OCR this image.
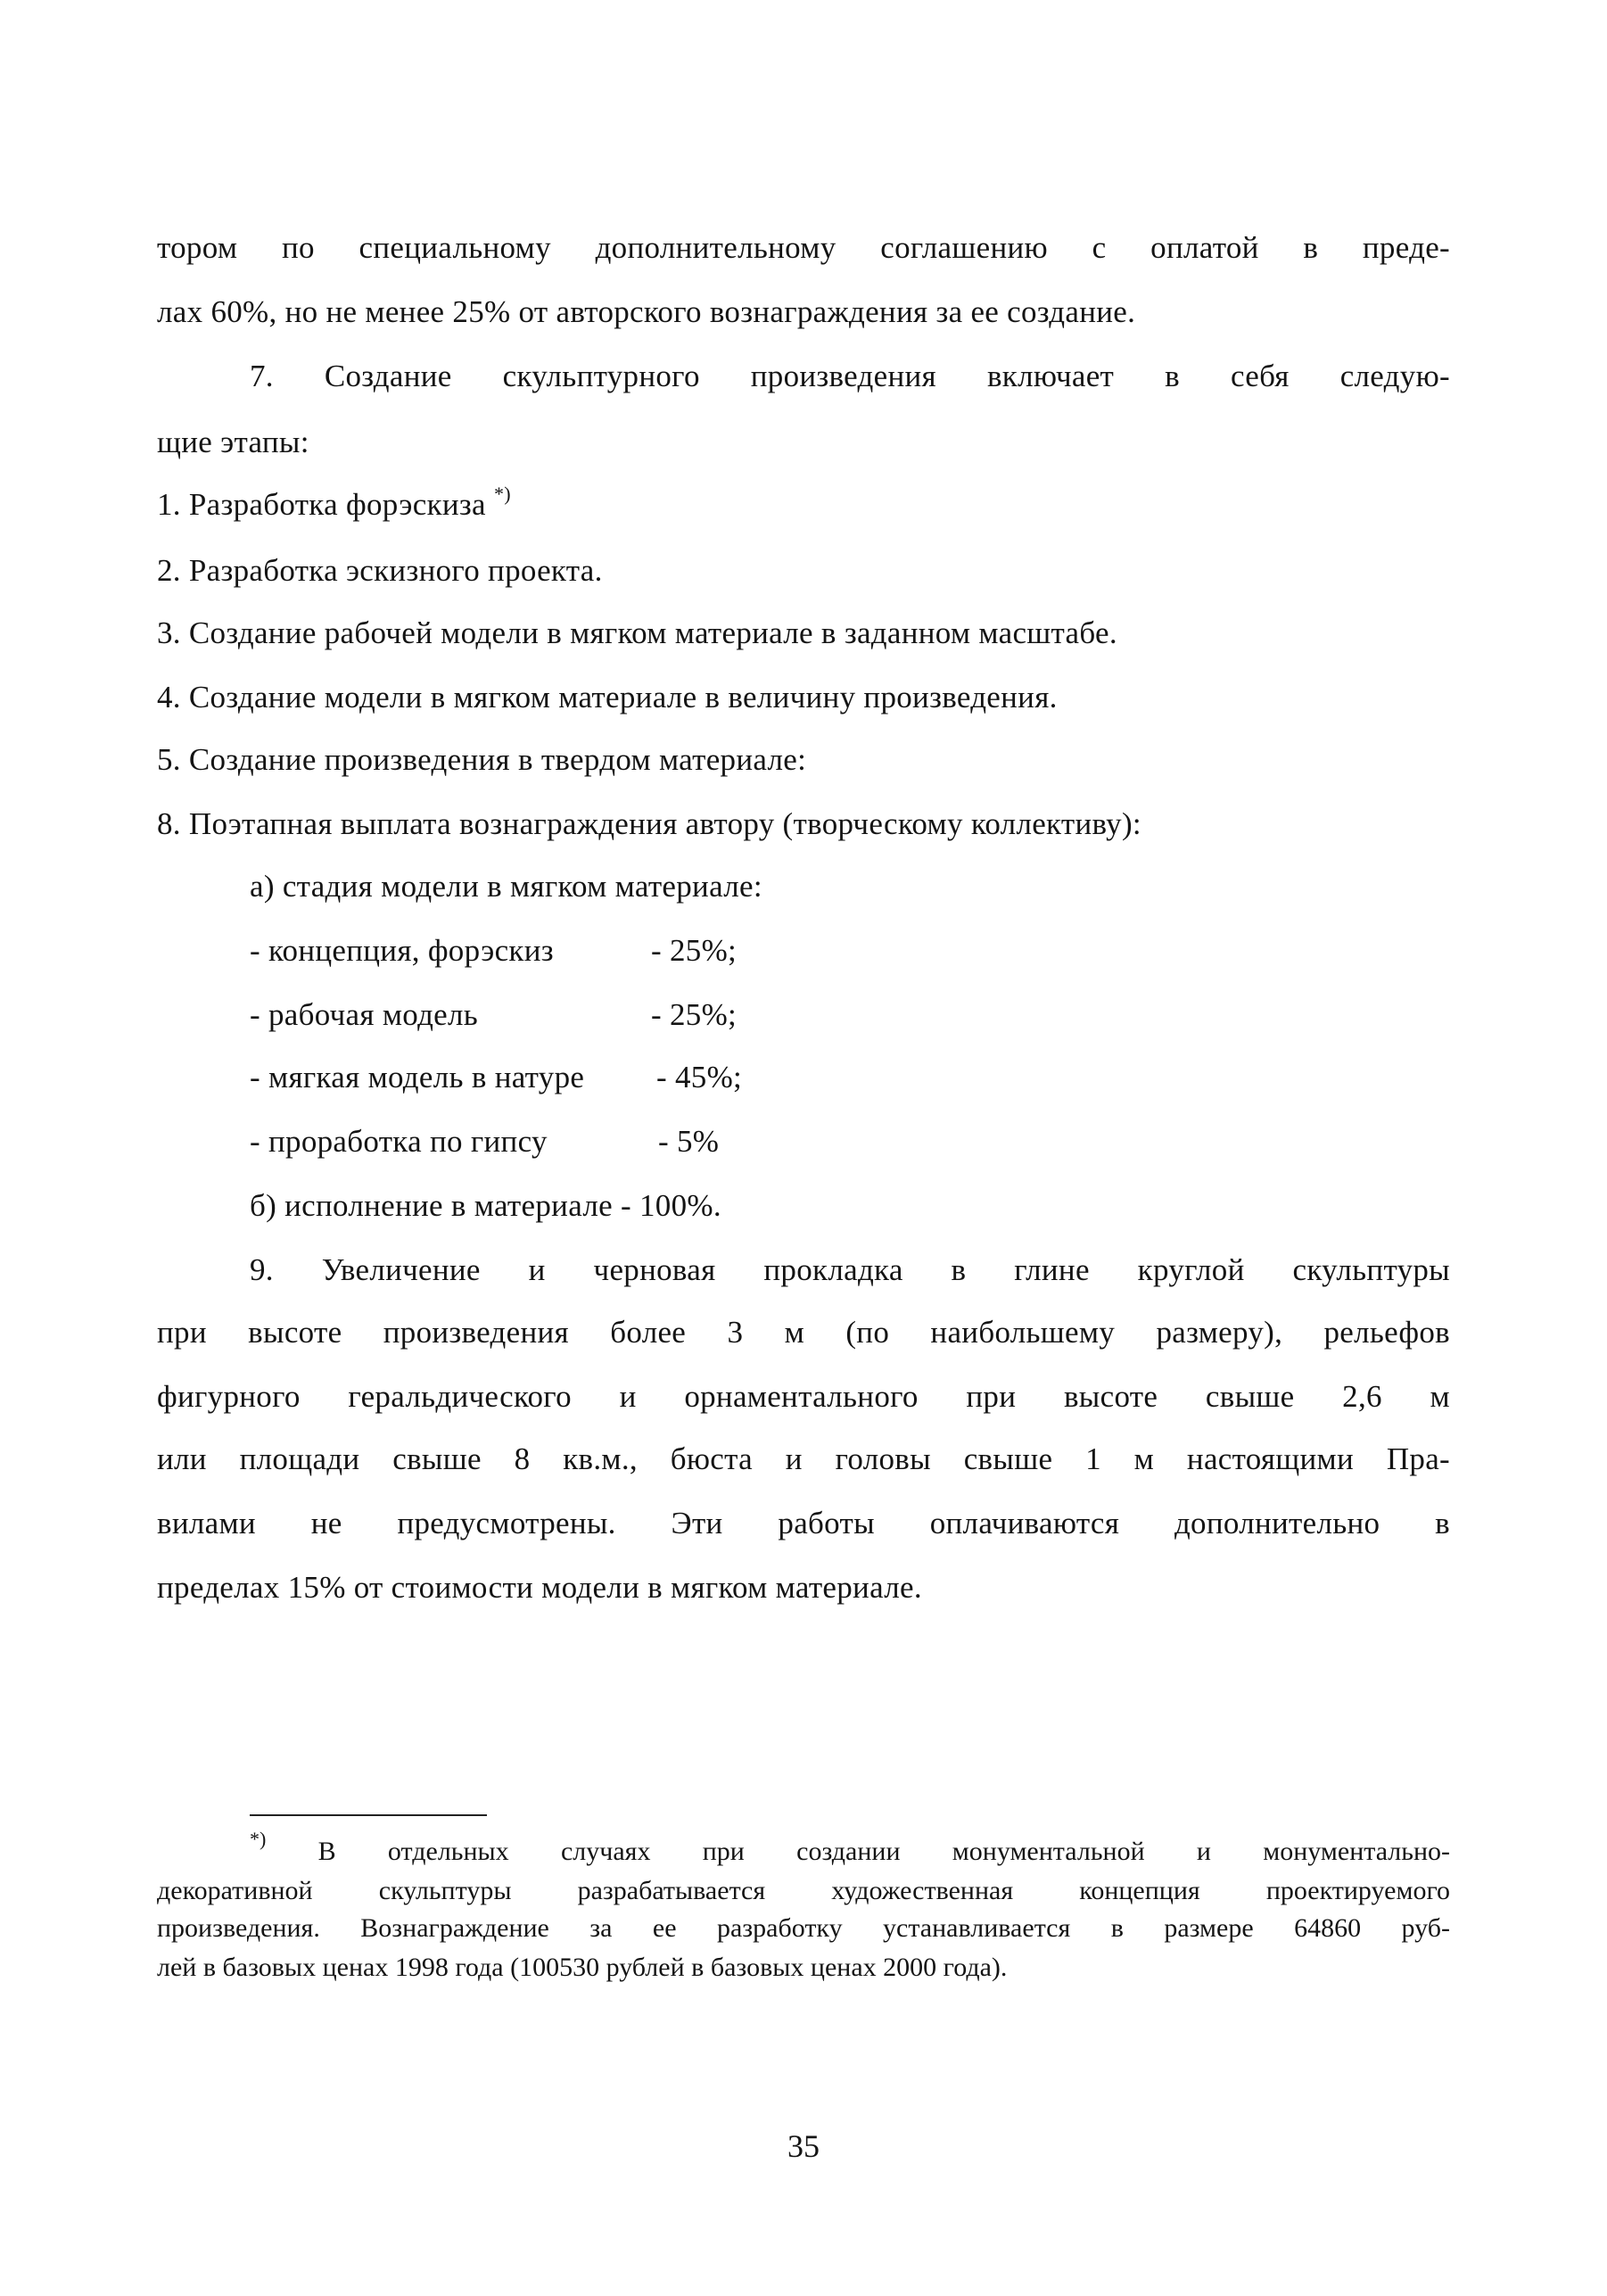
тором по специальному дополнительному соглашению с оплатой в преде-
лах 60%, но не менее 25% от авторского вознаграждения за ее создание.
7. Создание скульптурного произведения включает в себя следую-
щие этапы:
1. Разработка форэскиза *)
2. Разработка эскизного проекта.
3. Создание рабочей модели в мягком материале в заданном масштабе.
4. Создание модели в мягком материале в величину произведения.
5. Создание произведения в твердом материале:
8. Поэтапная выплата вознаграждения автору (творческому коллективу):
а) стадия модели в мягком материале:
- концепция, форэскиз	- 25%;
- рабочая модель	- 25%;
- мягкая модель в натуре - 45%;
- проработка по гипсу	- 5%
б) исполнение в материале - 100%.
9. Увеличение и черновая прокладка в глине круглой скульптуры
при высоте произведения более 3 м (по наибольшему размеру), рельефов
фигурного геральдического и орнаментального при высоте свыше 2,6 м
или площади свыше 8 кв.м., бюста и головы свыше 1 м настоящими Пра-
вилами не предусмотрены. Эти работы оплачиваются дополнительно в
пределах 15% от стоимости модели в мягком материале.
*) В отдельных случаях при создании монументальной и монументально-
декоративной скульптуры разрабатывается художественная концепция проектируемого
произведения. Вознаграждение за ее разработку устанавливается в размере 64860 руб-
лей в базовых ценах 1998 года (100530 рублей в базовых ценах 2000 года).
35
